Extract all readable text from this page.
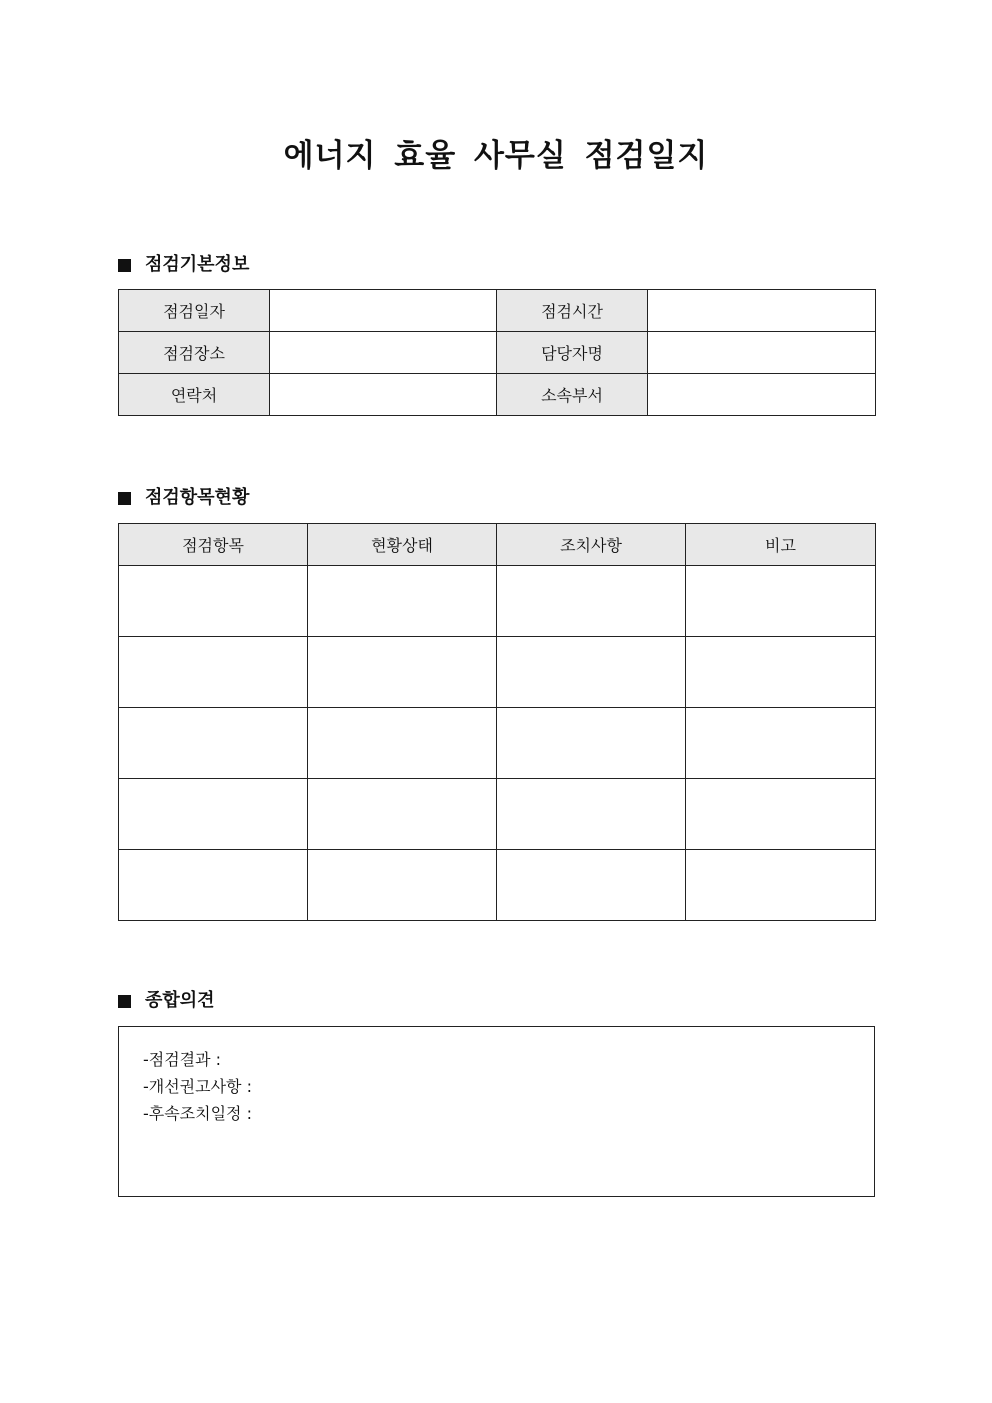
에너지 효율 사무실 점검일지
점검기본정보
점검일자		점검시간	
점검장소		담당자명	
연락처		소속부서	
점검항목현황
점검항목	현황상태	조치사항	비고

종합의견
-점검결과 :
-개선권고사항 :
-후속조치일정 :
